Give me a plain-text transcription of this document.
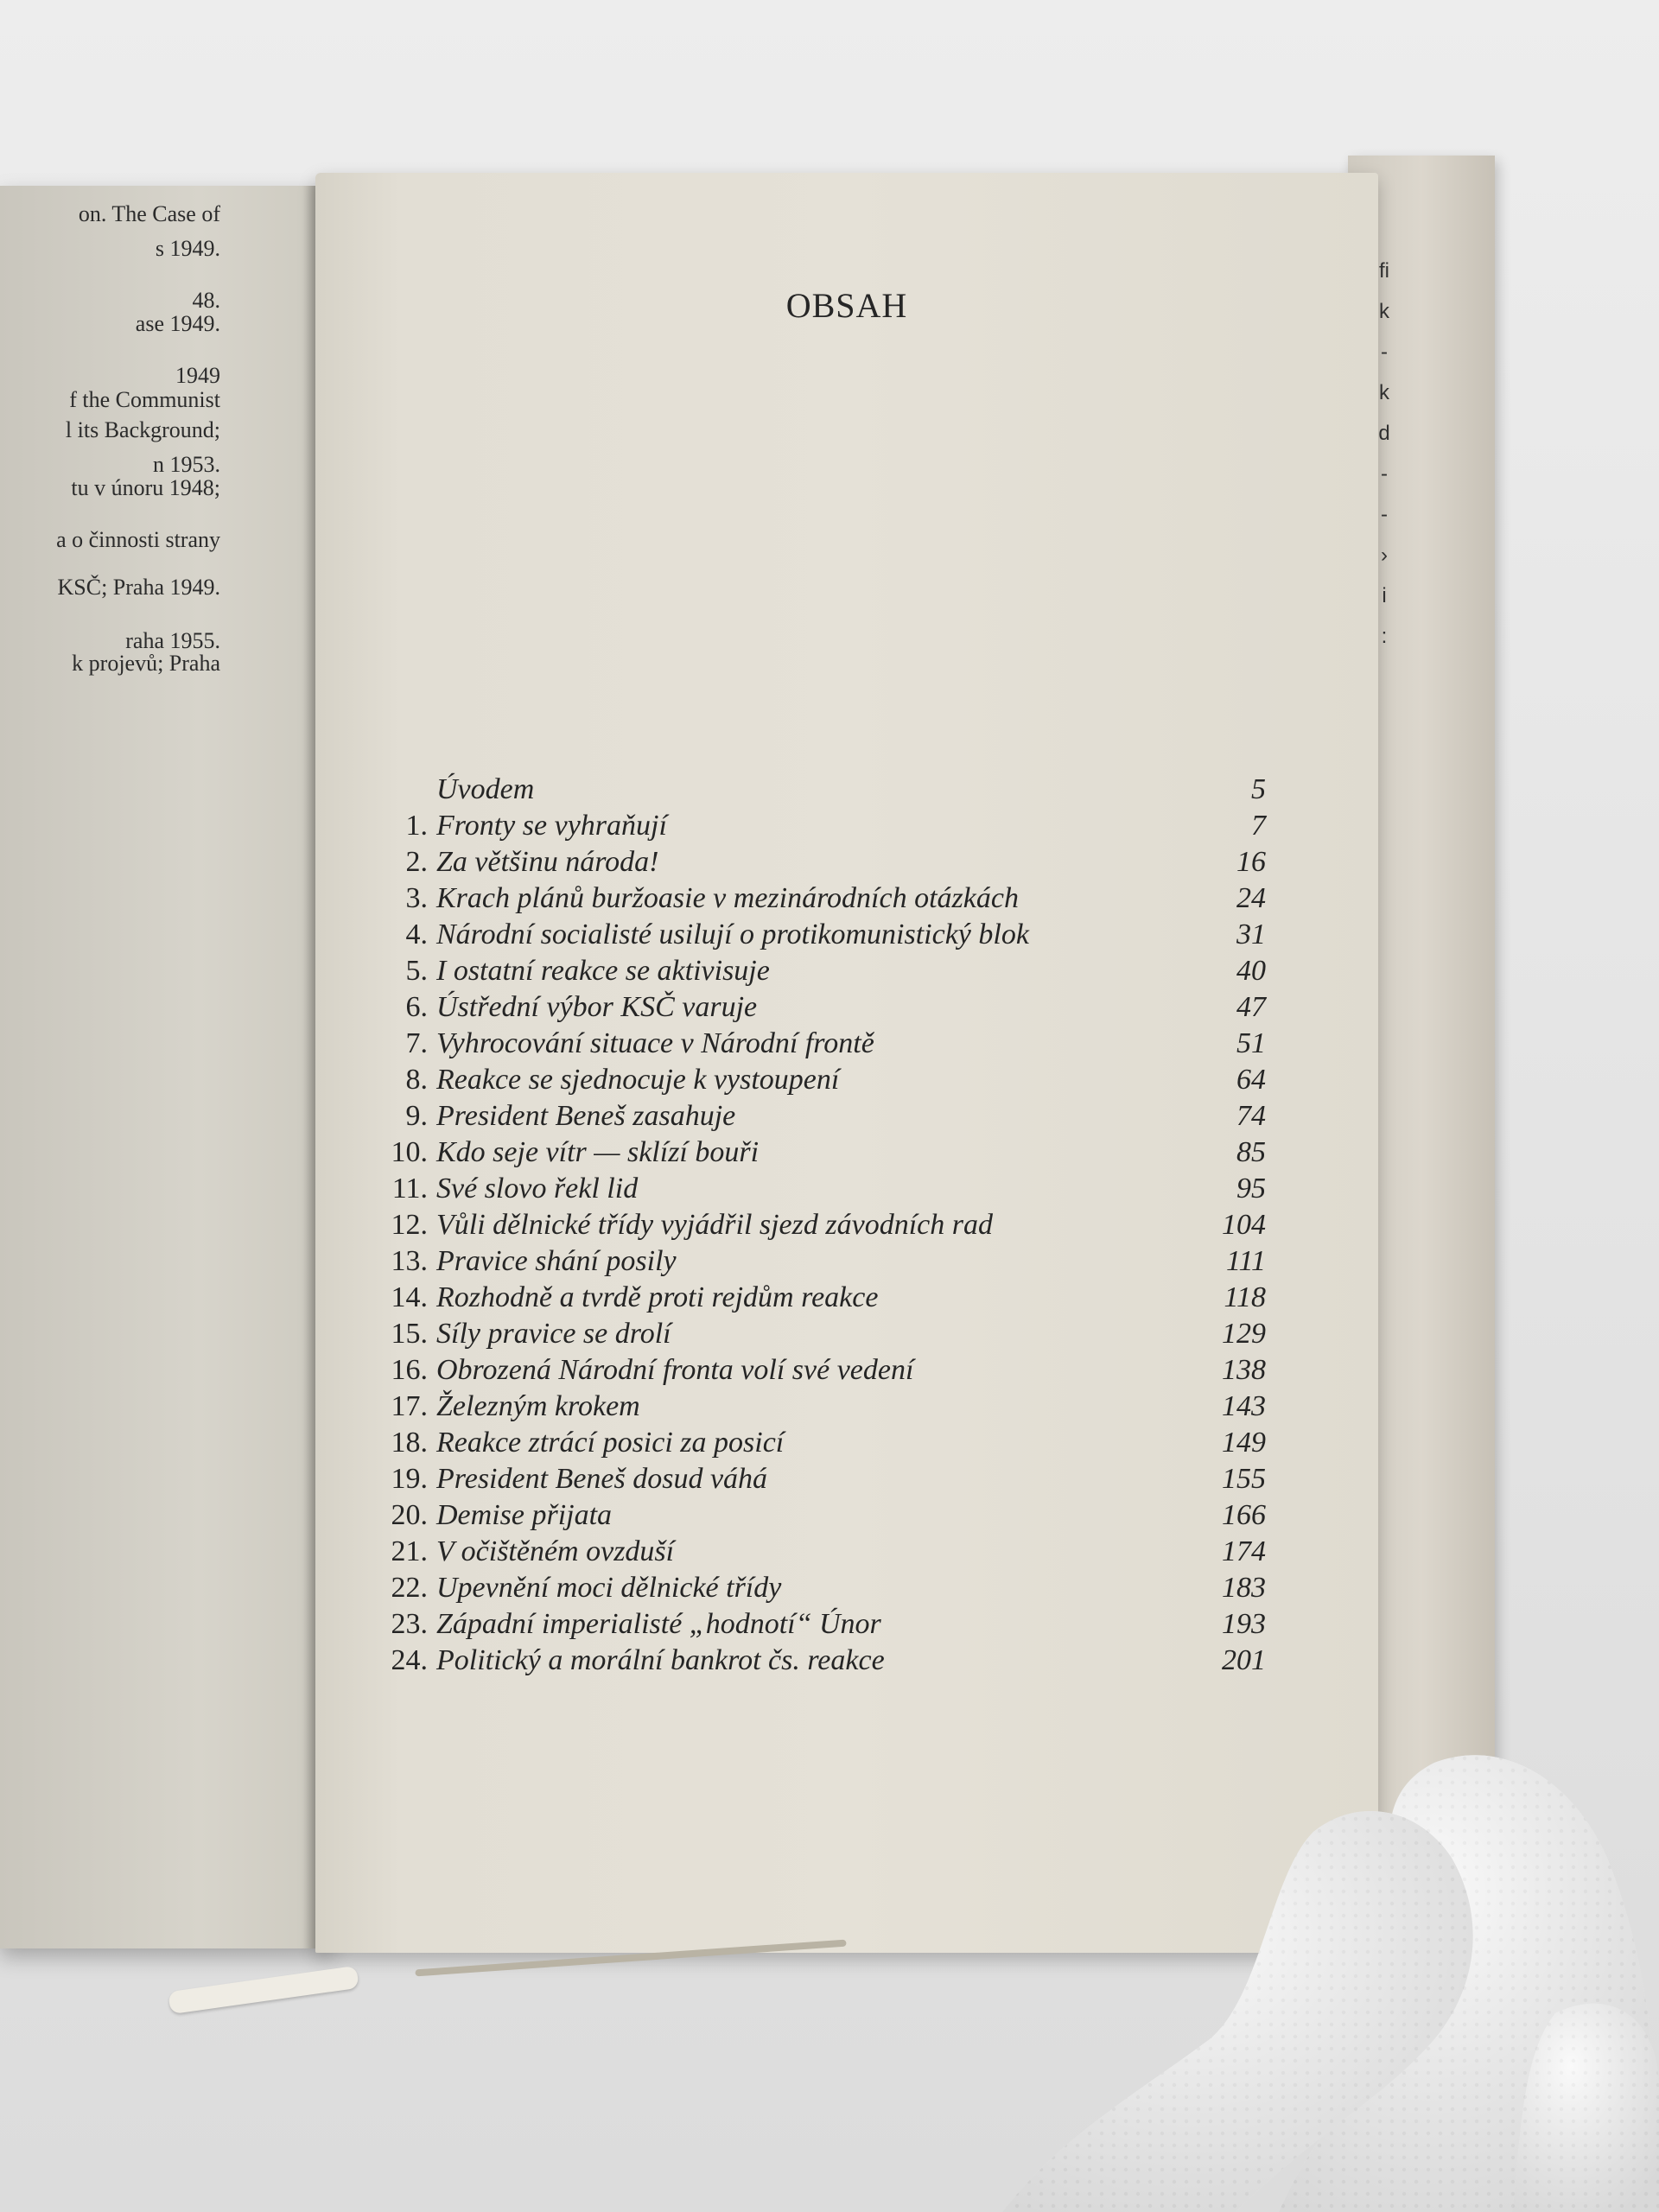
on. The Case of
s 1949.
48.
ase 1949.
1949
f the Communist
l its Background;
n 1953.
tu v únoru 1948;
a o činnosti strany
KSČ; Praha 1949.
raha 1955.
k projevů; Praha
fi
k
-
k
d
-
-
›
i
:
OBSAH
Úvodem	5
1. Fronty se vyhraňují	7
2. Za většinu národa!	16
3. Krach plánů buržoasie v mezinárodních otázkách	24
4. Národní socialisté usilují o protikomunistický blok	31
5. I ostatní reakce se aktivisuje	40
6. Ústřední výbor KSČ varuje	47
7. Vyhrocování situace v Národní frontě	51
8. Reakce se sjednocuje k vystoupení	64
9. President Beneš zasahuje	74
10. Kdo seje vítr — sklízí bouři	85
11. Své slovo řekl lid	95
12. Vůli dělnické třídy vyjádřil sjezd závodních rad	104
13. Pravice shání posily	111
14. Rozhodně a tvrdě proti rejdům reakce	118
15. Síly pravice se drolí	129
16. Obrozená Národní fronta volí své vedení	138
17. Železným krokem	143
18. Reakce ztrácí posici za posicí	149
19. President Beneš dosud váhá	155
20. Demise přijata	166
21. V očištěném ovzduší	174
22. Upevnění moci dělnické třídy	183
23. Západní imperialisté „hodnotí“ Únor	193
24. Politický a morální bankrot čs. reakce	201
